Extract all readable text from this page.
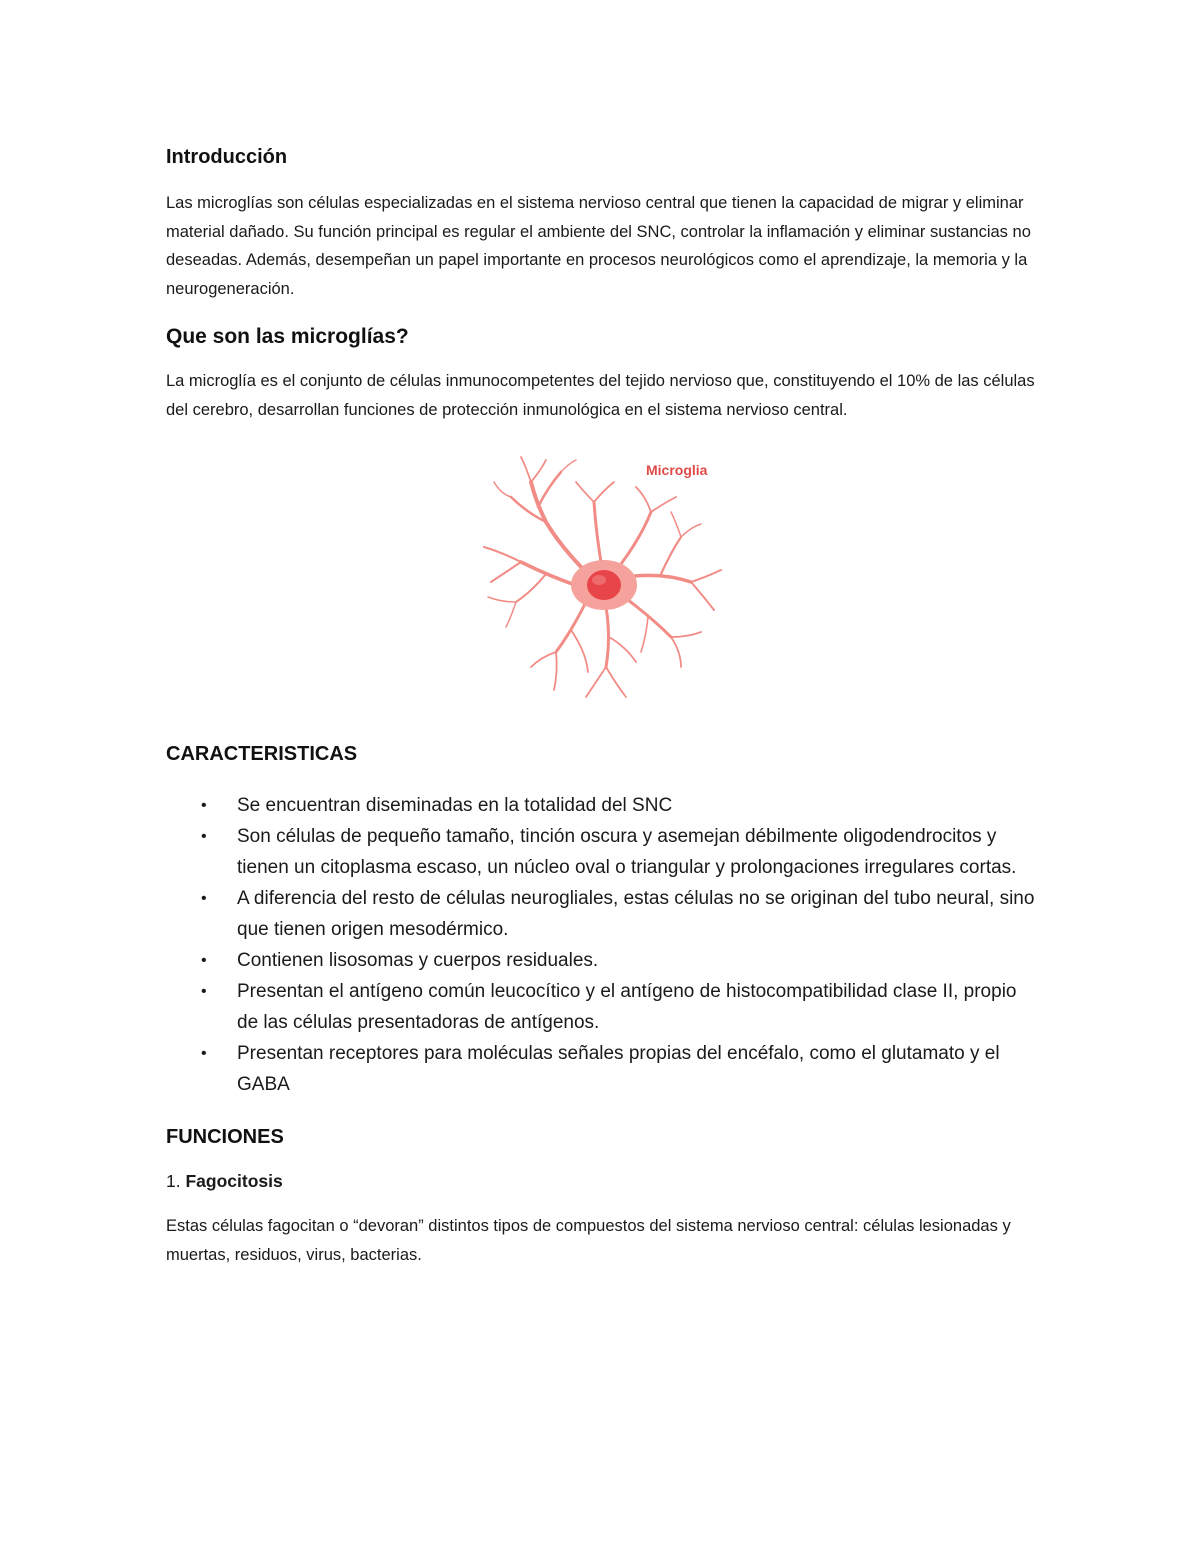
Introducción

Las microglías son células especializadas en el sistema nervioso central que tienen la capacidad de migrar y eliminar material dañado. Su función principal es regular el ambiente del SNC, controlar la inflamación y eliminar sustancias no deseadas. Además, desempeñan un papel importante en procesos neurológicos como el aprendizaje, la memoria y la neurogeneración.

Que son las microglías?

La microglía es el conjunto de células inmunocompetentes del tejido nervioso que, constituyendo el 10% de las células del cerebro, desarrollan funciones de protección inmunológica en el sistema nervioso central.

Microglia
CARACTERISTICAS
• Se encuentran diseminadas en la totalidad del SNC
• Son células de pequeño tamaño, tinción oscura y asemejan débilmente oligodendrocitos y tienen un citoplasma escaso, un núcleo oval o triangular y prolongaciones irregulares cortas.
• A diferencia del resto de células neurogliales, estas células no se originan del tubo neural, sino que tienen origen mesodérmico.
• Contienen lisosomas y cuerpos residuales.
• Presentan el antígeno común leucocítico y el antígeno de histocompatibilidad clase II, propio de las células presentadoras de antígenos.
• Presentan receptores para moléculas señales propias del encéfalo, como el glutamato y el GABA
FUNCIONES
1. Fagocitosis

Estas células fagocitan o “devoran” distintos tipos de compuestos del sistema nervioso central: células lesionadas y muertas, residuos, virus, bacterias.
